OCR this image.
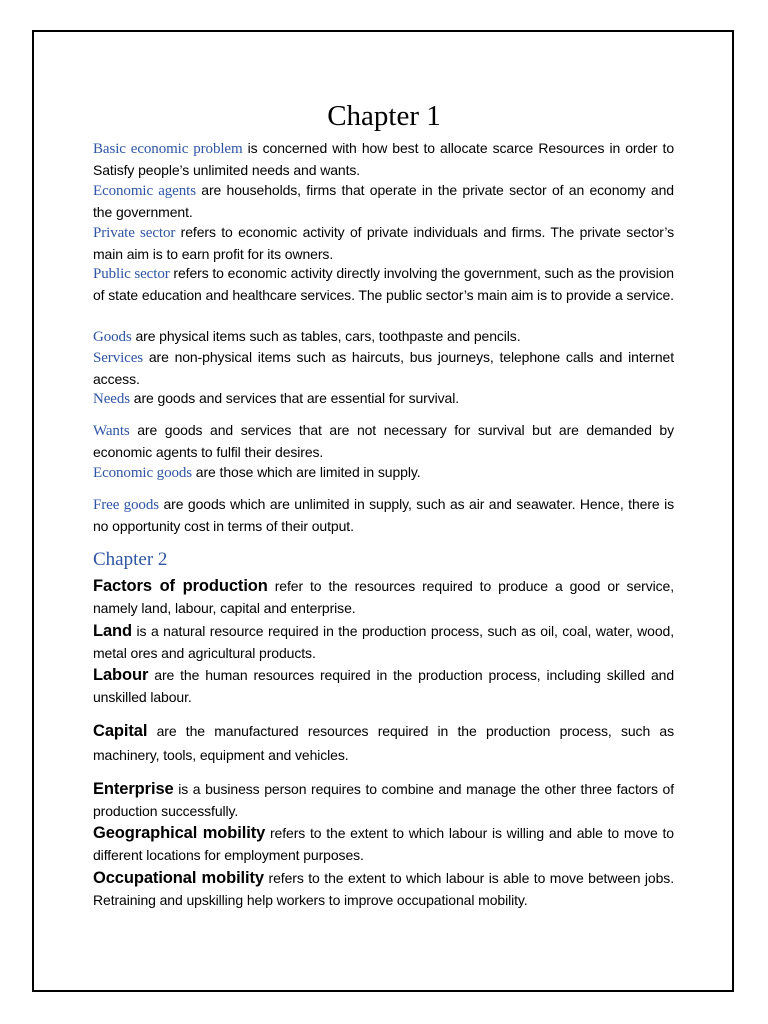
Chapter 1
Basic economic problem is concerned with how best to allocate scarce Resources in order to Satisfy people’s unlimited needs and wants.
Economic agents are households, firms that operate in the private sector of an economy and the government.
Private sector refers to economic activity of private individuals and firms. The private sector’s main aim is to earn profit for its owners.
Public sector refers to economic activity directly involving the government, such as the provision of state education and healthcare services. The public sector’s main aim is to provide a service.
Goods are physical items such as tables, cars, toothpaste and pencils.
Services are non-physical items such as haircuts, bus journeys, telephone calls and internet access.
Needs are goods and services that are essential for survival.
Wants are goods and services that are not necessary for survival but are demanded by economic agents to fulfil their desires.
Economic goods are those which are limited in supply.
Free goods are goods which are unlimited in supply, such as air and seawater. Hence, there is no opportunity cost in terms of their output.
Chapter 2
Factors of production refer to the resources required to produce a good or service, namely land, labour, capital and enterprise.
Land is a natural resource required in the production process, such as oil, coal, water, wood, metal ores and agricultural products.
Labour are the human resources required in the production process, including skilled and unskilled labour.
Capital are the manufactured resources required in the production process, such as machinery, tools, equipment and vehicles.
Enterprise is a business person requires to combine and manage the other three factors of production successfully.
Geographical mobility refers to the extent to which labour is willing and able to move to different locations for employment purposes.
Occupational mobility refers to the extent to which labour is able to move between jobs. Retraining and upskilling help workers to improve occupational mobility.
